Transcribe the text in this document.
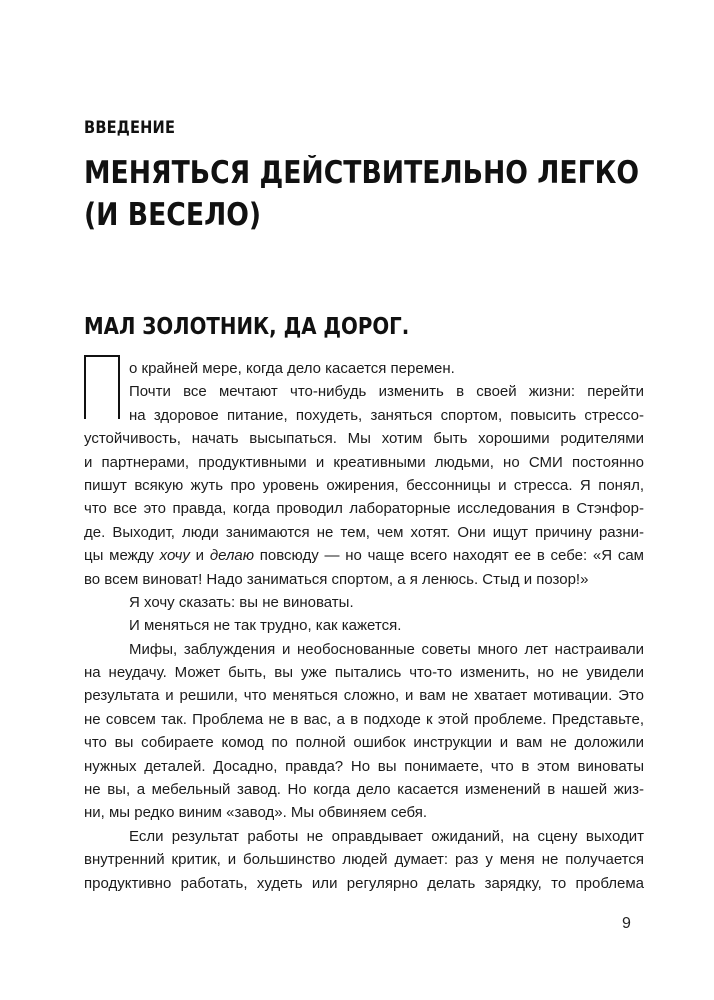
ВВЕДЕНИЕ
МЕНЯТЬСЯ ДЕЙСТВИТЕЛЬНО ЛЕГКО
(И ВЕСЕЛО)
МАЛ ЗОЛОТНИК, ДА ДОРОГ.
о крайней мере, когда дело касается перемен.
Почти все мечтают что-нибудь изменить в своей жизни: перейти
на здоровое питание, похудеть, заняться спортом, повысить стрессо-
устойчивость, начать высыпаться. Мы хотим быть хорошими родителями
и партнерами, продуктивными и креативными людьми, но СМИ постоянно
пишут всякую жуть про уровень ожирения, бессонницы и стресса. Я понял,
что все это правда, когда проводил лабораторные исследования в Стэнфор-
де. Выходит, люди занимаются не тем, чем хотят. Они ищут причину разни-
цы между хочу и делаю повсюду — но чаще всего находят ее в себе: «Я сам
во всем виноват! Надо заниматься спортом, а я ленюсь. Стыд и позор!»
Я хочу сказать: вы не виноваты.
И меняться не так трудно, как кажется.
Мифы, заблуждения и необоснованные советы много лет настраивали
на неудачу. Может быть, вы уже пытались что-то изменить, но не увидели
результата и решили, что меняться сложно, и вам не хватает мотивации. Это
не совсем так. Проблема не в вас, а в подходе к этой проблеме. Представьте,
что вы собираете комод по полной ошибок инструкции и вам не доложили
нужных деталей. Досадно, правда? Но вы понимаете, что в этом виноваты
не вы, а мебельный завод. Но когда дело касается изменений в нашей жиз-
ни, мы редко виним «завод». Мы обвиняем себя.
Если результат работы не оправдывает ожиданий, на сцену выходит
внутренний критик, и большинство людей думает: раз у меня не получается
продуктивно работать, худеть или регулярно делать зарядку, то проблема
9
